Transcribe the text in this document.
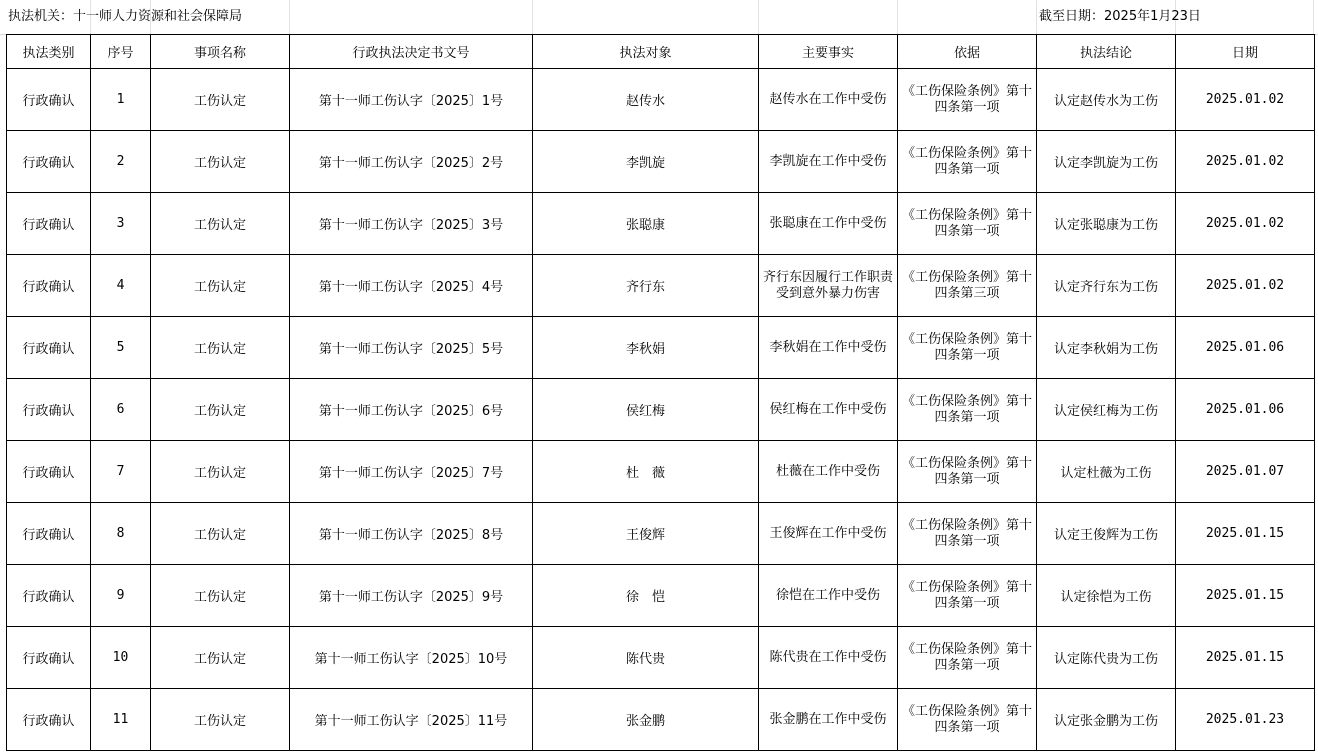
执法机关：十一师人力资源和社会保障局	截至日期：2025年1月23日
执法类别	序号	事项名称	行政执法决定书文号	执法对象	主要事实	依据	执法结论	日期
行政确认	1	工伤认定	第十一师工伤认字〔2025〕1号	赵传水	赵传水在工作中受伤	《工伤保险条例》第十四条第一项	认定赵传水为工伤	2025.01.02
行政确认	2	工伤认定	第十一师工伤认字〔2025〕2号	李凯旋	李凯旋在工作中受伤	《工伤保险条例》第十四条第一项	认定李凯旋为工伤	2025.01.02
行政确认	3	工伤认定	第十一师工伤认字〔2025〕3号	张聪康	张聪康在工作中受伤	《工伤保险条例》第十四条第一项	认定张聪康为工伤	2025.01.02
行政确认	4	工伤认定	第十一师工伤认字〔2025〕4号	齐行东	齐行东因履行工作职责受到意外暴力伤害	《工伤保险条例》第十四条第三项	认定齐行东为工伤	2025.01.02
行政确认	5	工伤认定	第十一师工伤认字〔2025〕5号	李秋娟	李秋娟在工作中受伤	《工伤保险条例》第十四条第一项	认定李秋娟为工伤	2025.01.06
行政确认	6	工伤认定	第十一师工伤认字〔2025〕6号	侯红梅	侯红梅在工作中受伤	《工伤保险条例》第十四条第一项	认定侯红梅为工伤	2025.01.06
行政确认	7	工伤认定	第十一师工伤认字〔2025〕7号	杜　薇	杜薇在工作中受伤	《工伤保险条例》第十四条第一项	认定杜薇为工伤	2025.01.07
行政确认	8	工伤认定	第十一师工伤认字〔2025〕8号	王俊辉	王俊辉在工作中受伤	《工伤保险条例》第十四条第一项	认定王俊辉为工伤	2025.01.15
行政确认	9	工伤认定	第十一师工伤认字〔2025〕9号	徐　恺	徐恺在工作中受伤	《工伤保险条例》第十四条第一项	认定徐恺为工伤	2025.01.15
行政确认	10	工伤认定	第十一师工伤认字〔2025〕10号	陈代贵	陈代贵在工作中受伤	《工伤保险条例》第十四条第一项	认定陈代贵为工伤	2025.01.15
行政确认	11	工伤认定	第十一师工伤认字〔2025〕11号	张金鹏	张金鹏在工作中受伤	《工伤保险条例》第十四条第一项	认定张金鹏为工伤	2025.01.23
